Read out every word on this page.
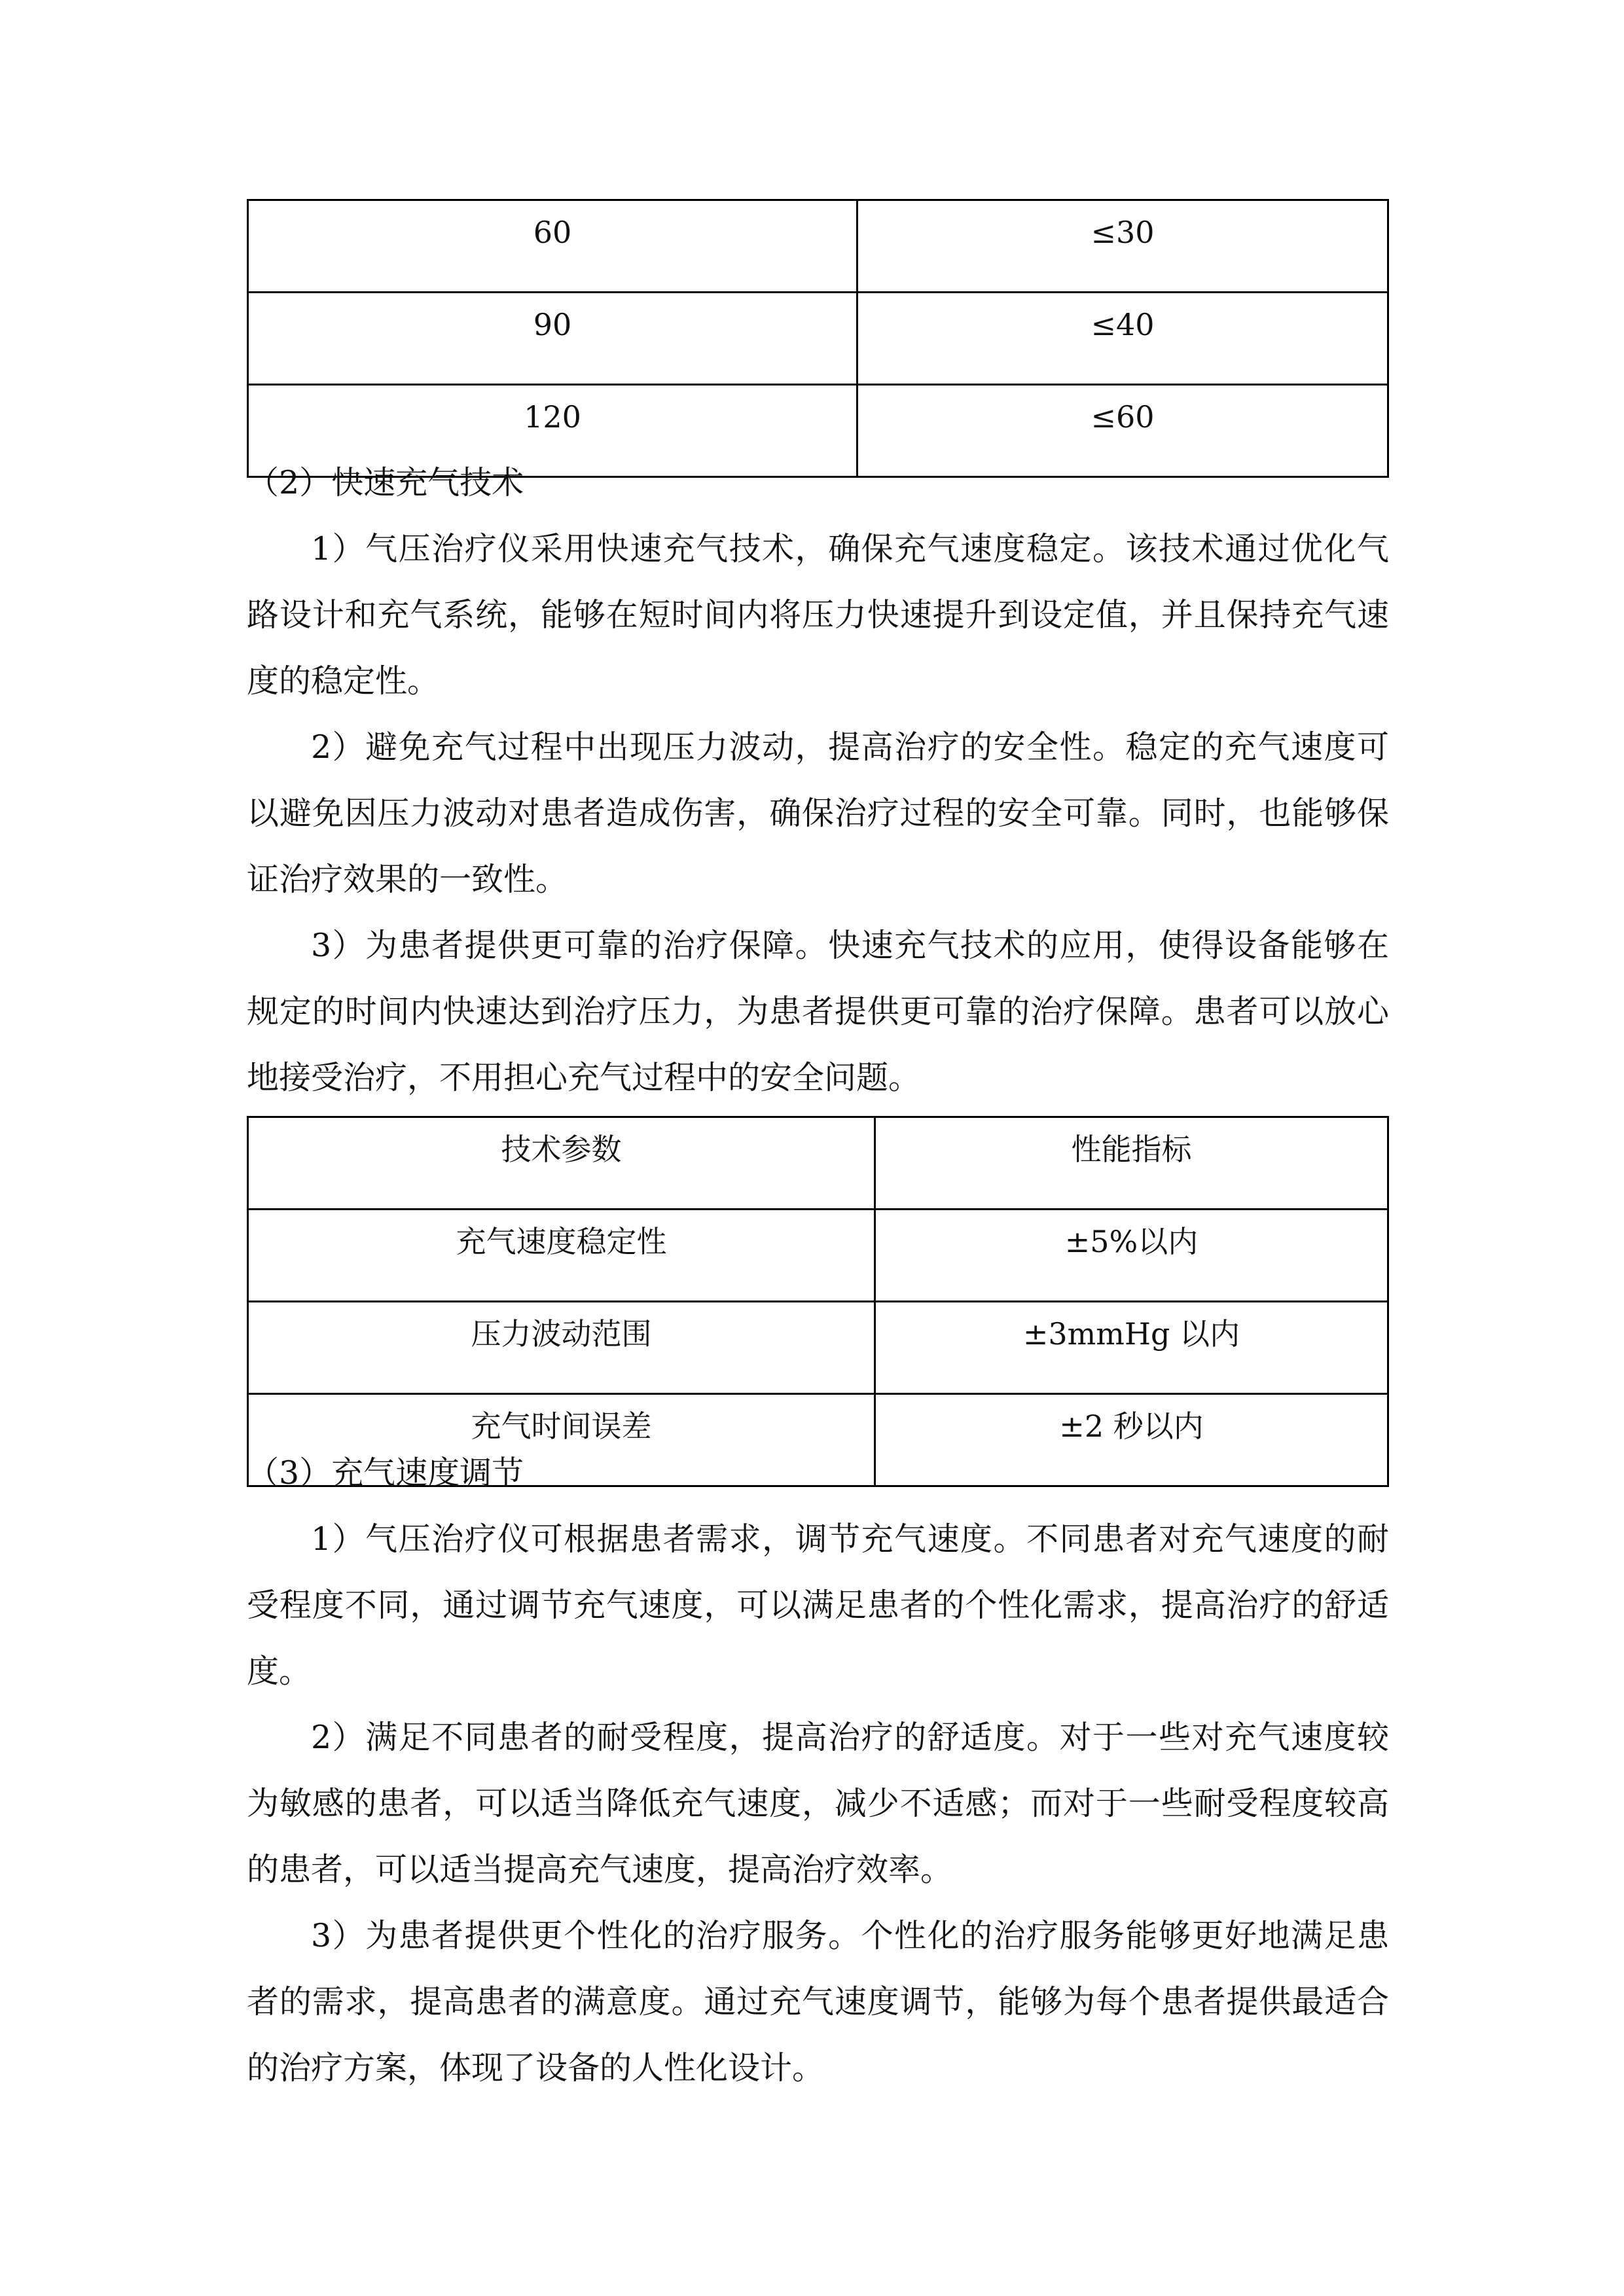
60	≤30
90	≤40
120	≤60

（2）快速充气技术

1）气压治疗仪采用快速充气技术，确保充气速度稳定。该技术通过优化气路设计和充气系统，能够在短时间内将压力快速提升到设定值，并且保持充气速度的稳定性。

2）避免充气过程中出现压力波动，提高治疗的安全性。稳定的充气速度可以避免因压力波动对患者造成伤害，确保治疗过程的安全可靠。同时，也能够保证治疗效果的一致性。

3）为患者提供更可靠的治疗保障。快速充气技术的应用，使得设备能够在规定的时间内快速达到治疗压力，为患者提供更可靠的治疗保障。患者可以放心地接受治疗，不用担心充气过程中的安全问题。

技术参数	性能指标
充气速度稳定性	±5%以内
压力波动范围	±3mmHg 以内
充气时间误差	±2 秒以内

（3）充气速度调节

1）气压治疗仪可根据患者需求，调节充气速度。不同患者对充气速度的耐受程度不同，通过调节充气速度，可以满足患者的个性化需求，提高治疗的舒适度。

2）满足不同患者的耐受程度，提高治疗的舒适度。对于一些对充气速度较为敏感的患者，可以适当降低充气速度，减少不适感；而对于一些耐受程度较高的患者，可以适当提高充气速度，提高治疗效率。

3）为患者提供更个性化的治疗服务。个性化的治疗服务能够更好地满足患者的需求，提高患者的满意度。通过充气速度调节，能够为每个患者提供最适合的治疗方案，体现了设备的人性化设计。
